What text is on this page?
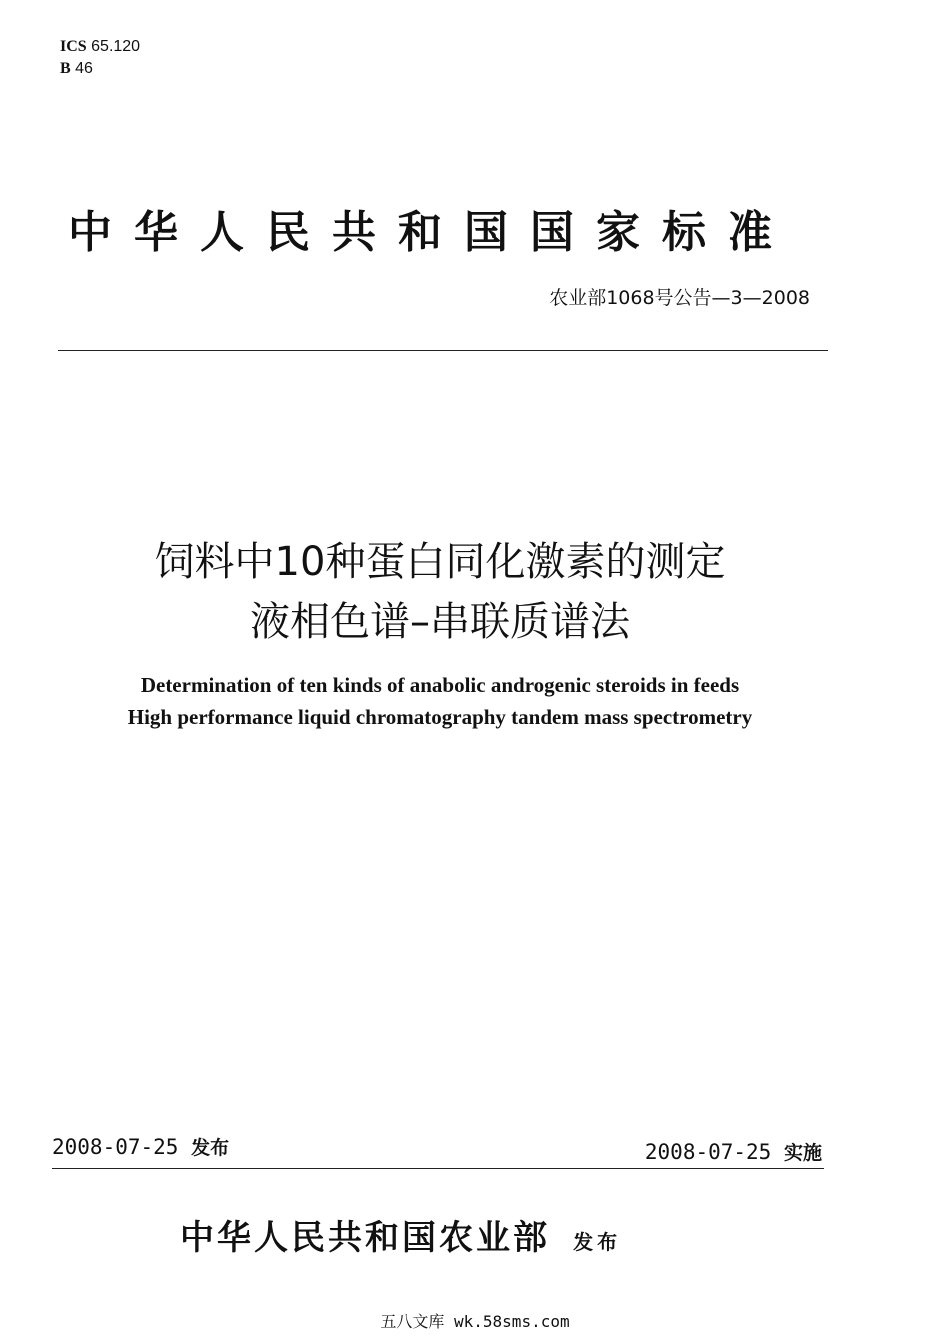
ICS 65.120
B 46
中华人民共和国国家标准
农业部1068号公告—3—2008
饲料中10种蛋白同化激素的测定
液相色谱–串联质谱法
Determination of ten kinds of anabolic androgenic steroids in feeds
High performance liquid chromatography tandem mass spectrometry
2008-07-25 发布	2008-07-25 实施
中华人民共和国农业部 发布
五八文库 wk.58sms.com
